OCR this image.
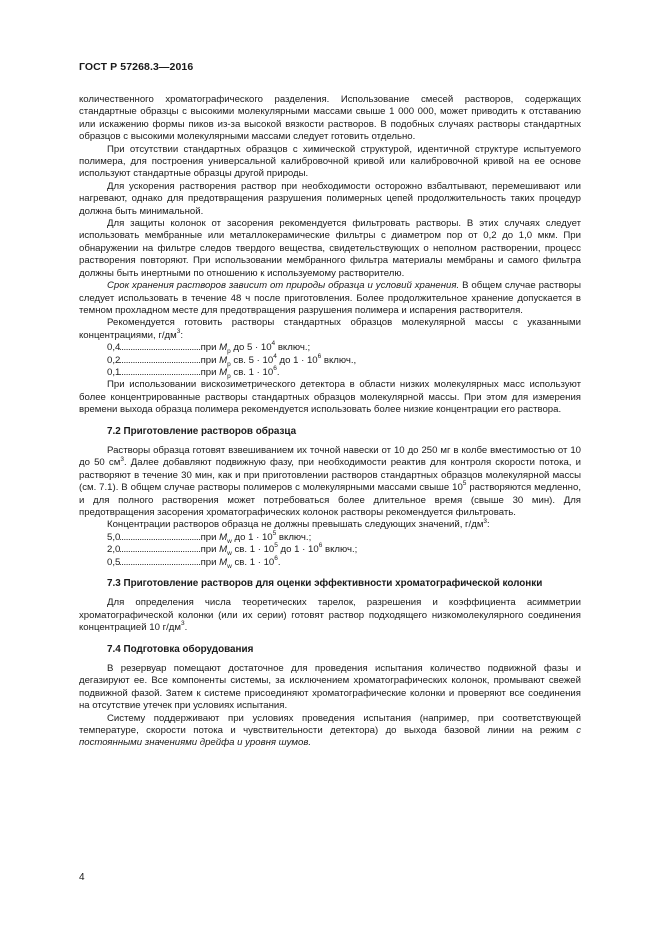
ГОСТ Р 57268.3—2016

количественного хроматографического разделения. Использование смесей растворов, содержащих стандартные образцы с высокими молекулярными массами свыше 1 000 000, может приводить к отставанию или искажению формы пиков из-за высокой вязкости растворов. В подобных случаях растворы стандартных образцов с высокими молекулярными массами следует готовить отдельно.

При отсутствии стандартных образцов с химической структурой, идентичной структуре испытуемого полимера, для построения универсальной калибровочной кривой или калибровочной кривой на ее основе используют стандартные образцы другой природы.

Для ускорения растворения раствор при необходимости осторожно взбалтывают, перемешивают или нагревают, однако для предотвращения разрушения полимерных цепей продолжительность таких процедур должна быть минимальной.

Для защиты колонок от засорения рекомендуется фильтровать растворы. В этих случаях следует использовать мембранные или металлокерамические фильтры с диаметром пор от 0,2 до 1,0 мкм. При обнаружении на фильтре следов твердого вещества, свидетельствующих о неполном растворении, процесс растворения повторяют. При использовании мембранного фильтра материалы мембраны и самого фильтра должны быть инертными по отношению к используемому растворителю.

Срок хранения растворов зависит от природы образца и условий хранения. В общем случае растворы следует использовать в течение 48 ч после приготовления. Более продолжительное хранение допускается в темном прохладном месте для предотвращения разрушения полимера и испарения растворителя.

Рекомендуется готовить растворы стандартных образцов молекулярной массы с указанными концентрациями, $г/дм^3$:

0,4....................................при $M_p$ до $5 \cdot 10^4$ включ.;
0,2....................................при $M_p$ св. $5 \cdot 10^4$ до $1 \cdot 10^6$ включ.,
0,1....................................при $M_p$ св. $1 \cdot 10^6$.

При использовании вискозиметрического детектора в области низких молекулярных масс используют более концентрированные растворы стандартных образцов молекулярной массы. При этом для измерения времени выхода образца полимера рекомендуется использовать более низкие концентрации его раствора.

7.2 Приготовление растворов образца

Растворы образца готовят взвешиванием их точной навески от 10 до 250 мг в колбе вместимостью от 10 до 50 $см^3$. Далее добавляют подвижную фазу, при необходимости реактив для контроля скорости потока, и растворяют в течение 30 мин, как и при приготовлении растворов стандартных образцов молекулярной массы (см. 7.1). В общем случае растворы полимеров с молекулярными массами свыше $10^5$ растворяются медленно, и для полного растворения может потребоваться более длительное время (свыше 30 мин). Для предотвращения засорения хроматографических колонок растворы рекомендуется фильтровать.

Концентрации растворов образца не должны превышать следующих значений, $г/дм^3$:

5,0....................................при $M_w$ до $1 \cdot 10^5$ включ.;
2,0....................................при $M_w$ св. $1 \cdot 10^5$ до $1 \cdot 10^6$ включ.;
0,5....................................при $M_w$ св. $1 \cdot 10^6$.
7.3 Приготовление растворов для оценки эффективности хроматографической колонки

Для определения числа теоретических тарелок, разрешения и коэффициента асимметрии хроматографической колонки (или их серии) готовят раствор подходящего низкомолекулярного соединения концентрацией 10 $г/дм^3$.

7.4 Подготовка оборудования

В резервуар помещают достаточное для проведения испытания количество подвижной фазы и дегазируют ее. Все компоненты системы, за исключением хроматографических колонок, промывают свежей подвижной фазой. Затем к системе присоединяют хроматографические колонки и проверяют все соединения на отсутствие утечек при условиях испытания.

Систему поддерживают при условиях проведения испытания (например, при соответствующей температуре, скорости потока и чувствительности детектора) до выхода базовой линии на режим с постоянными значениями дрейфа и уровня шумов.

4
